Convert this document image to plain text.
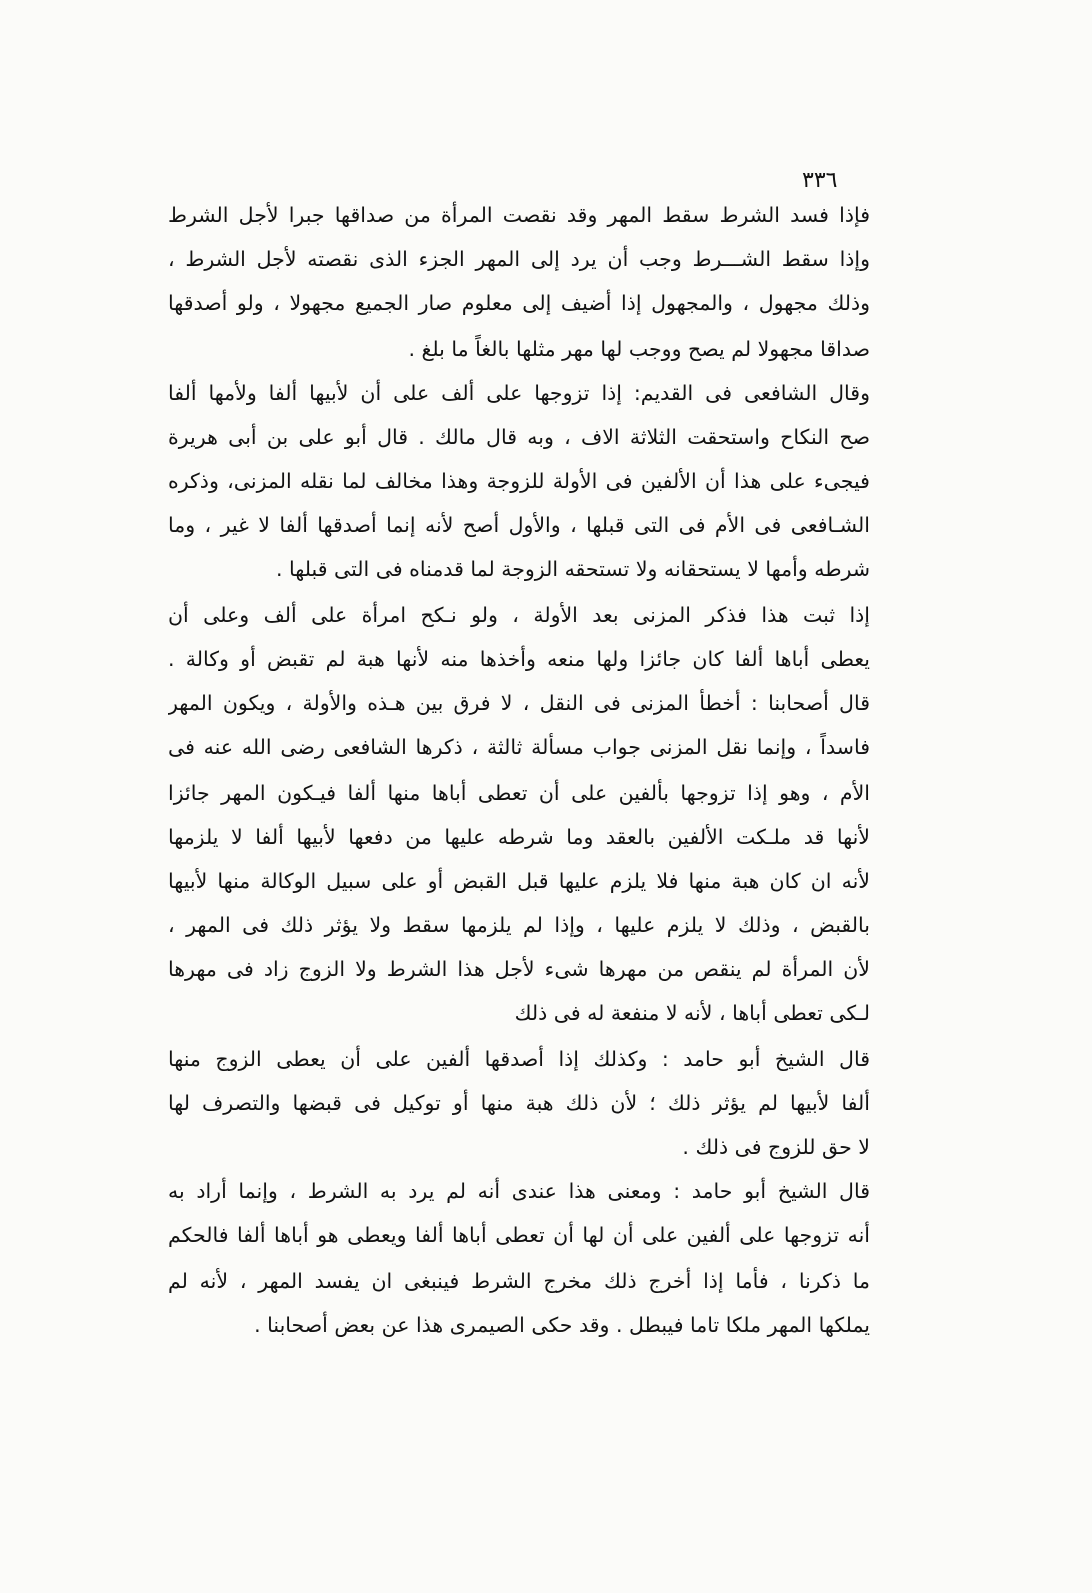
٣٣٦
فإذا فسد الشرط سقط المهر وقد نقصت المرأة من صداقها جبرا لأجل الشرط
وإذا سقط الشـــرط وجب أن يرد إلى المهر الجزء الذى نقصته لأجل الشرط ،
وذلك مجهول ، والمجهول إذا أضيف إلى معلوم صار الجميع مجهولا ، ولو أصدقها
صداقا مجهولا لم يصح ووجب لها مهر مثلها بالغاً ما بلغ .
وقال الشافعى فى القديم: إذا تزوجها على ألف على أن لأبيها ألفا ولأمها ألفا
صح النكاح واستحقت الثلاثة الاف ، وبه قال مالك . قال أبو على بن أبى هريرة
فيجىء على هذا أن الألفين فى الأولة للزوجة وهذا مخالف لما نقله المزنى، وذكره
الشـافعى فى الأم فى التى قبلها ، والأول أصح لأنه إنما أصدقها ألفا لا غير ، وما
شرطه وأمها لا يستحقانه ولا تستحقه الزوجة لما قدمناه فى التى قبلها .
إذا ثبت هذا فذكر المزنى بعد الأولة ، ولو نـكح امرأة على ألف وعلى أن
يعطى أباها ألفا كان جائزا ولها منعه وأخذها منه لأنها هبة لم تقبض أو وكالة .
قال أصحابنا : أخطأ المزنى فى النقل ، لا فرق بين هـذه والأولة ، ويكون المهر
فاسداً ، وإنما نقل المزنى جواب مسألة ثالثة ، ذكرها الشافعى رضى الله عنه فى
الأم ، وهو إذا تزوجها بألفين على أن تعطى أباها منها ألفا فيـكون المهر جائزا
لأنها قد ملـكت الألفين بالعقد وما شرطه عليها من دفعها لأبيها ألفا لا يلزمها
لأنه ان كان هبة منها فلا يلزم عليها قبل القبض أو على سبيل الوكالة منها لأبيها
بالقبض ، وذلك لا يلزم عليها ، وإذا لم يلزمها سقط ولا يؤثر ذلك فى المهر ،
لأن المرأة لم ينقص من مهرها شىء لأجل هذا الشرط ولا الزوج زاد فى مهرها
لـكى تعطى أباها ، لأنه لا منفعة له فى ذلك
قال الشيخ أبو حامد : وكذلك إذا أصدقها ألفين على أن يعطى الزوج منها
ألفا لأبيها لم يؤثر ذلك ؛ لأن ذلك هبة منها أو توكيل فى قبضها والتصرف لها
لا حق للزوج فى ذلك .
قال الشيخ أبو حامد : ومعنى هذا عندى أنه لم يرد به الشرط ، وإنما أراد به
أنه تزوجها على ألفين على أن لها أن تعطى أباها ألفا ويعطى هو أباها ألفا فالحكم
ما ذكرنا ، فأما إذا أخرج ذلك مخرج الشرط فينبغى ان يفسد المهر ، لأنه لم
يملكها المهر ملكا تاما فيبطل . وقد حكى الصيمرى هذا عن بعض أصحابنا .
